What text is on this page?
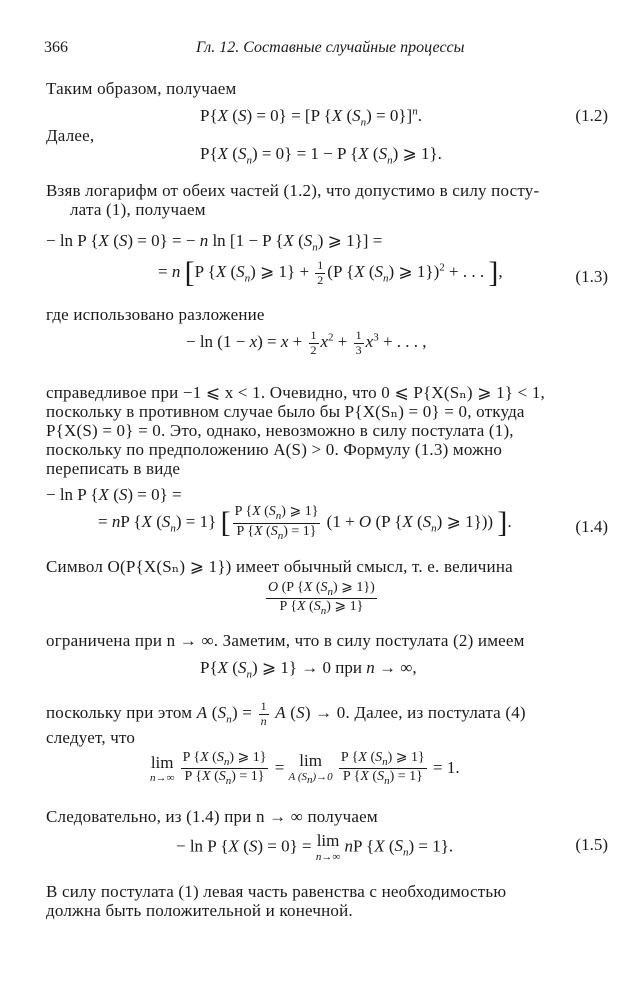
366	Гл. 12. Составные случайные процессы
Таким образом, получаем
P{X (S) = 0} = [P {X $(S_n) = 0\}]^n$.	(1.2)
Далее,
P{X $(S_n) = 0\} = 1 - P$ {X $(S_n)$ ⩾ 1}.
Взяв логарифм от обеих частей (1.2), что допустимо в силу посту-
лата (1), получаем
− ln P {X (S) = 0} = − n ln [1 − P {X $(S_n)$ ⩾ 1}] =
= n [P {X $(S_n)$ ⩾ $1\} + \frac{1}{2} (P$ {X $(S_n)$ ⩾ 1})$^2$ + . . . ],	(1.3)
где использовано разложение
− $\ln (1 - x) = x + \frac{1}{2} x^2 + \frac{1}{3} x^3$ + . . . ,
справедливое при −1 ⩽ x < 1. Очевидно, что 0 ⩽ P{X(Sₙ) ⩾ 1} < 1,
поскольку в противном случае было бы P{X(Sₙ) = 0} = 0, откуда
P{X(S) = 0} = 0. Это, однако, невозможно в силу постулата (1),
поскольку по предположению A(S) > 0. Формулу (1.3) можно
переписать в виде
− ln P {X (S) = 0} =
= nP {X $(S_n) = 1$} [ $\frac{P \{X (S_n) ⩾ 1\}}{P \{X (S_n) = 1\}} (1 + O$ (P {X $(S_n)$ ⩾ 1})) ].	(1.4)
Символ O(P{X(Sₙ) ⩾ 1}) имеет обычный смысл, т. е. величина
$\frac{O (P \{X (S_n) ⩾ 1\})}{P \{X (S_n) ⩾ 1\}}$
ограничена при n → ∞. Заметим, что в силу постулата (2) имеем
P{X $(S_n)$ ⩾ 1} → 0 при n → ∞,
поскольку при этом A $(S_n) = \frac{1}{n}$ A (S) → 0. Далее, из постулата (4)
следует, что
lim
n→∞
$\frac{P \{X (S_n) ⩾ 1\}}{P \{X (S_n) = 1\}} = \lim$
A $(S_n)\to 0$
$\frac{P \{X (S_n) ⩾ 1\}}{P \{X (S_n) = 1\}} = 1$.
Следовательно, из (1.4) при n → ∞ получаем
− ln P {X (S) = 0} = lim
n→∞
nP {X $(S_n) = 1$}.	(1.5)
В силу постулата (1) левая часть равенства с необходимостью
должна быть положительной и конечной.
